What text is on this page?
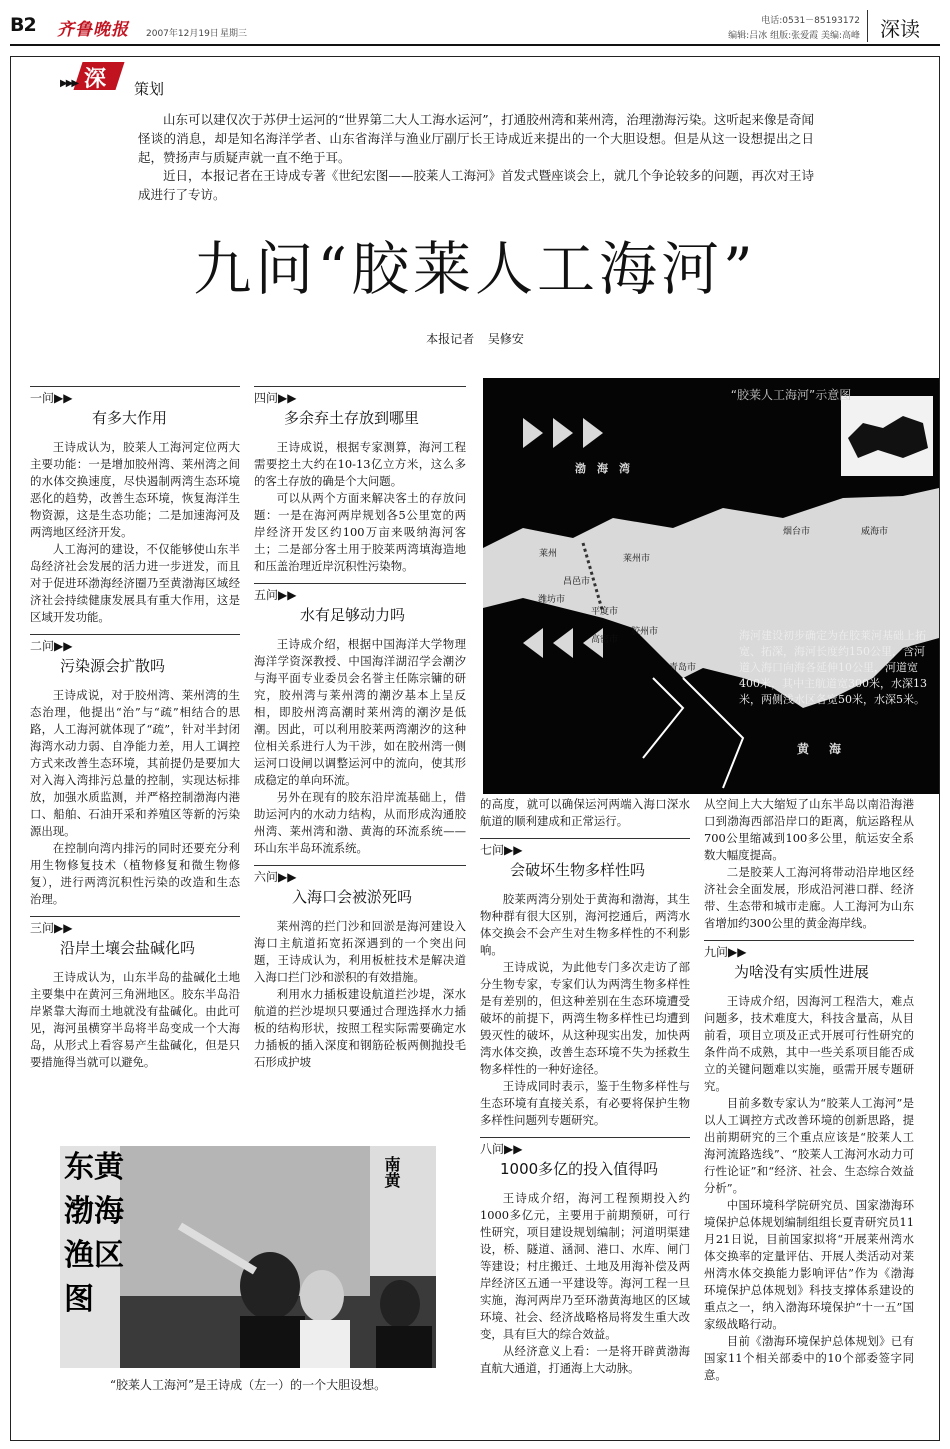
B2 齐鲁晚报 2007年12月19日 星期三
电话:0531－85193172
编辑:吕冰 组版:张爱霞 美编:高峰 深读
深
▶▶▶	策划

山东可以建仅次于苏伊士运河的“世界第二大人工海水运河”，打通胶州湾和莱州湾，治理渤海污染。这听起来像是奇闻怪谈的消息，却是知名海洋学者、山东省海洋与渔业厅副厅长王诗成近来提出的一个大胆设想。但是从这一设想提出之日起，赞扬声与质疑声就一直不绝于耳。

近日，本报记者在王诗成专著《世纪宏图——胶莱人工海河》首发式暨座谈会上，就几个争论较多的问题，再次对王诗成进行了专访。

九问“胶莱人工海河”
本报记者 吴修安
一问▶▶
有多大作用

王诗成认为，胶莱人工海河定位两大主要功能：一是增加胶州湾、莱州湾之间的水体交换速度，尽快遏制两湾生态环境恶化的趋势，改善生态环境，恢复海洋生物资源，这是生态功能；二是加速海河及两湾地区经济开发。

人工海河的建设，不仅能够使山东半岛经济社会发展的活力进一步迸发，而且对于促进环渤海经济圈乃至黄渤海区域经济社会持续健康发展具有重大作用，这是区域开发功能。

二问▶▶
污染源会扩散吗

王诗成说，对于胶州湾、莱州湾的生态治理，他提出“治”与“疏”相结合的思路，人工海河就体现了“疏”，针对半封闭海湾水动力弱、自净能力差，用人工调控方式来改善生态环境，其前提仍是要加大对入海入湾排污总量的控制，实现达标排放，加强水质监测，并严格控制渤海内港口、船舶、石油开采和养殖区等新的污染源出现。

在控制向湾内排污的同时还要充分利用生物修复技术（植物修复和微生物修复），进行两湾沉积性污染的改造和生态治理。

三问▶▶
沿岸土壤会盐碱化吗

王诗成认为，山东半岛的盐碱化土地主要集中在黄河三角洲地区。胶东半岛沿岸紧靠大海而土地就没有盐碱化。由此可见，海河虽横穿半岛将半岛变成一个大海岛，从形式上看容易产生盐碱化，但是只要措施得当就可以避免。

四问▶▶
多余弃土存放到哪里

王诗成说，根据专家测算，海河工程需要挖土大约在10-13亿立方米，这么多的客土存放的确是个大问题。

可以从两个方面来解决客土的存放问题：一是在海河两岸规划各5公里宽的两岸经济开发区约100万亩来吸纳海河客土；二是部分客土用于胶莱两湾填海造地和压盖治理近岸沉积性污染物。

五问▶▶
水有足够动力吗

王诗成介绍，根据中国海洋大学物理海洋学资深教授、中国海洋湖沼学会潮汐与海平面专业委员会名誉主任陈宗镛的研究，胶州湾与莱州湾的潮汐基本上呈反相，即胶州湾高潮时莱州湾的潮汐是低潮。因此，可以利用胶莱两湾潮汐的这种位相关系进行人为干涉，如在胶州湾一侧运河口设闸以调整运河中的流向，使其形成稳定的单向环流。

另外在现有的胶东沿岸流基础上，借助运河内的水动力结构，从而形成沟通胶州湾、莱州湾和渤、黄海的环流系统——环山东半岛环流系统。

六问▶▶
入海口会被淤死吗

莱州湾的拦门沙和回淤是海河建设入海口主航道拓宽拓深遇到的一个突出问题，王诗成认为，利用板桩技术是解决道入海口拦门沙和淤积的有效措施。

利用水力插板建设航道拦沙堤，深水航道的拦沙堤坝只要通过合理选择水力插板的结构形状，按照工程实际需要确定水力插板的插入深度和钢筋砼板两侧抛投毛石形成护坡

“胶莱人工海河”示意图
渤 海 湾
莱州	莱州市
平度市
昌邑市
潍坊市
胶州市
高密市
青岛市
烟台市	威海市
黄 海
海河建设初步确定为在胶莱河基础上拓宽、拓深，海河长度约150公里，含河道入海口向海各延伸10公里，河道宽400米，其中主航道宽300米，水深13米，两侧浅水区各宽50米，水深5米。

的高度，就可以确保运河两端入海口深水航道的顺利建成和正常运行。

七问▶▶
会破坏生物多样性吗

胶莱两湾分别处于黄海和渤海，其生物种群有很大区别，海河挖通后，两湾水体交换会不会产生对生物多样性的不利影响。

王诗成说，为此他专门多次走访了部分生物专家，专家们认为两湾生物多样性是有差别的，但这种差别在生态环境遭受破坏的前提下，两湾生物多样性已均遭到毁灭性的破坏，从这种现实出发，加快两湾水体交换，改善生态环境不失为拯救生物多样性的一种好途径。

王诗成同时表示，鉴于生物多样性与生态环境有直接关系，有必要将保护生物多样性问题列专题研究。

八问▶▶
1000多亿的投入值得吗

王诗成介绍，海河工程预期投入约1000多亿元，主要用于前期预研，可行性研究，项目建设规划编制；河道明渠建设，桥、隧道、涵洞、港口、水库、闸门等建设；村庄搬迁、土地及用海补偿及两岸经济区五通一平建设等。海河工程一旦实施，海河两岸乃至环渤黄海地区的区域环境、社会、经济战略格局将发生重大改变，具有巨大的综合效益。

从经济意义上看：一是将开辟黄渤海直航大通道，打通海上大动脉。

从空间上大大缩短了山东半岛以南沿海港口到渤海西部沿岸口的距离，航运路程从700公里缩减到100多公里，航运安全系数大幅度提高。

二是胶莱人工海河将带动沿岸地区经济社会全面发展，形成沿河港口群、经济带、生态带和城市走廊。人工海河为山东省增加约300公里的黄金海岸线。

九问▶▶
为啥没有实质性进展

王诗成介绍，因海河工程浩大，难点问题多，技术难度大，科技含量高，从目前看，项目立项及正式开展可行性研究的条件尚不成熟，其中一些关系项目能否成立的关键问题难以实施，亟需开展专题研究。

目前多数专家认为“胶莱人工海河”是以人工调控方式改善环境的创新思路，提出前期研究的三个重点应该是“胶莱人工海河流路选线”、“胶莱人工海河水动力可行性论证”和“经济、社会、生态综合效益分析”。

中国环境科学院研究员、国家渤海环境保护总体规划编制组组长夏青研究员11月21日说，目前国家拟将“开展莱州湾水体交换率的定量评估、开展人类活动对莱州湾水体交换能力影响评估”作为《渤海环境保护总体规划》科技支撑体系建设的重点之一，纳入渤海环境保护“十一五”国家级战略行动。

目前《渤海环境保护总体规划》已有国家11个相关部委中的10个部委签字同意。

东黄
渤海
渔区
图
南黄
“胶莱人工海河”是王诗成（左一）的一个大胆设想。
